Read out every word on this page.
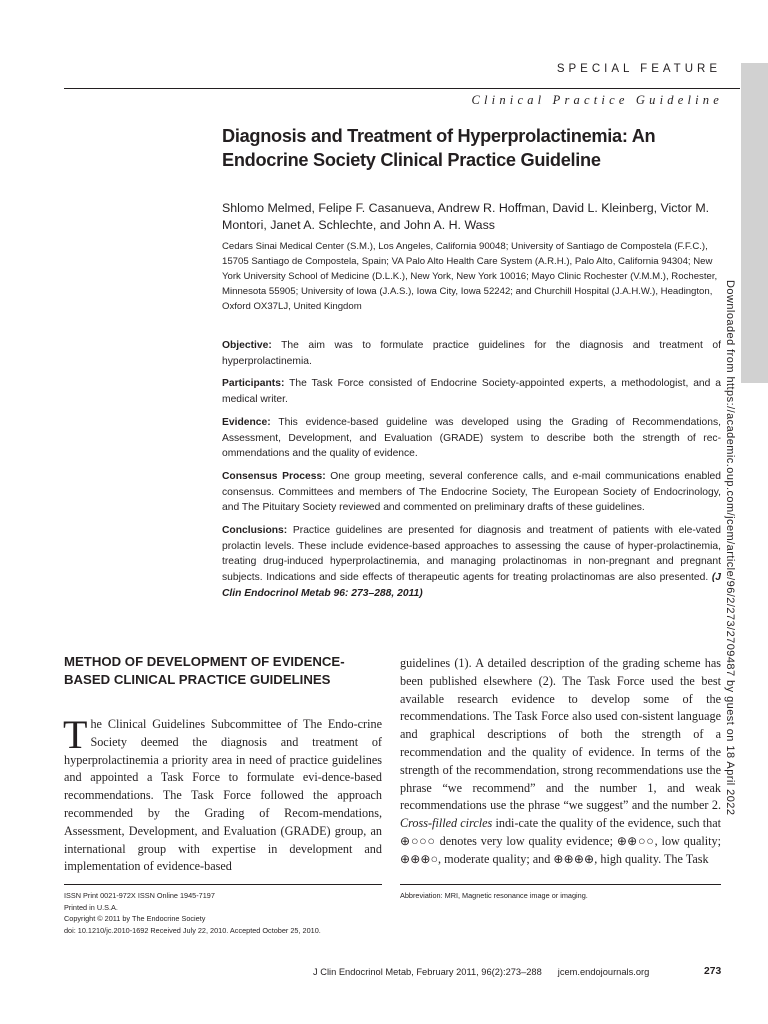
SPECIAL FEATURE
Clinical Practice Guideline
Diagnosis and Treatment of Hyperprolactinemia: An Endocrine Society Clinical Practice Guideline
Shlomo Melmed, Felipe F. Casanueva, Andrew R. Hoffman, David L. Kleinberg, Victor M. Montori, Janet A. Schlechte, and John A. H. Wass
Cedars Sinai Medical Center (S.M.), Los Angeles, California 90048; University of Santiago de Compostela (F.F.C.), 15705 Santiago de Compostela, Spain; VA Palo Alto Health Care System (A.R.H.), Palo Alto, California 94304; New York University School of Medicine (D.L.K.), New York, New York 10016; Mayo Clinic Rochester (V.M.M.), Rochester, Minnesota 55905; University of Iowa (J.A.S.), Iowa City, Iowa 52242; and Churchill Hospital (J.A.H.W.), Headington, Oxford OX37LJ, United Kingdom

Objective: The aim was to formulate practice guidelines for the diagnosis and treatment of hyperprolactinemia.

Participants: The Task Force consisted of Endocrine Society-appointed experts, a methodologist, and a medical writer.

Evidence: This evidence-based guideline was developed using the Grading of Recommendations, Assessment, Development, and Evaluation (GRADE) system to describe both the strength of rec-ommendations and the quality of evidence.

Consensus Process: One group meeting, several conference calls, and e-mail communications enabled consensus. Committees and members of The Endocrine Society, The European Society of Endocrinology, and The Pituitary Society reviewed and commented on preliminary drafts of these guidelines.

Conclusions: Practice guidelines are presented for diagnosis and treatment of patients with ele-vated prolactin levels. These include evidence-based approaches to assessing the cause of hyper-prolactinemia, treating drug-induced hyperprolactinemia, and managing prolactinomas in non-pregnant and pregnant subjects. Indications and side effects of therapeutic agents for treating prolactinomas are also presented. (J Clin Endocrinol Metab 96: 273–288, 2011)	Downloaded from https://academic.oup.com/jcem/article/96/2/273/2709487 by guest on 18 April 2022
METHOD OF DEVELOPMENT OF EVIDENCE-BASED CLINICAL PRACTICE GUIDELINES
The Clinical Guidelines Subcommittee of The Endo-crine Society deemed the diagnosis and treatment of hyperprolactinemia a priority area in need of practice guidelines and appointed a Task Force to formulate evi-dence-based recommendations. The Task Force followed the approach recommended by the Grading of Recom-mendations, Assessment, Development, and Evaluation (GRADE) group, an international group with expertise in development and implementation of evidence-based
guidelines (1). A detailed description of the grading scheme has been published elsewhere (2). The Task Force used the best available research evidence to develop some of the recommendations. The Task Force also used con-sistent language and graphical descriptions of both the strength of a recommendation and the quality of evidence. In terms of the strength of the recommendation, strong recommendations use the phrase “we recommend” and the number 1, and weak recommendations use the phrase “we suggest” and the number 2. Cross-filled circles indi-cate the quality of the evidence, such that ⊕○○○ denotes very low quality evidence; ⊕⊕○○, low quality; ⊕⊕⊕○, moderate quality; and ⊕⊕⊕⊕, high quality. The Task
ISSN Print 0021-972X ISSN Online 1945-7197
Printed in U.S.A.
Copyright © 2011 by The Endocrine Society
doi: 10.1210/jc.2010-1692 Received July 22, 2010. Accepted October 25, 2010.
Abbreviation: MRI, Magnetic resonance image or imaging.
J Clin Endocrinol Metab, February 2011, 96(2):273–288 jcem.endojournals.org	273
